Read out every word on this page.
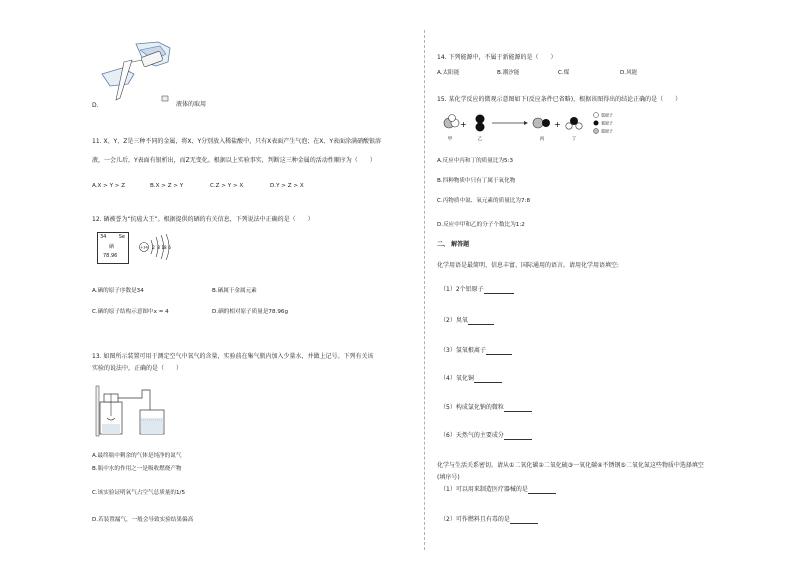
D.	液体的取用
11. X、Y、Z是三种不同的金属，将X、Y分别放入稀盐酸中，只有X表面产生气泡；在X、Y表面涂满硝酸银溶
液，一会儿后，Y表面有银析出，而Z无变化。根据以上实验事实，判断这三种金属的活动性顺序为（　　）
A.X > Y > Z	B.X > Z > Y	C.Z > Y > X	D.Y > Z > X
12. 硒被誉为“抗癌大王”。根据提供的硒的有关信息，下列说法中正确的是（　　）
34 Se
硒
78.96
+34 2 8 18 6
A.硒的原子序数是34	B.硒属于金属元素
C.硒的原子结构示意图中x = 4	D.硒的相对原子质量是78.96g
13. 如图所示装置可用于测定空气中氧气的含量，实验前在集气瓶内加入少量水，并做上记号。下列有关该
实验的说法中，正确的是（　　）
A.最终瓶中剩余的气体是纯净的氮气
B.瓶中水的作用之一是吸收燃烧产物
C.该实验证明氧气占空气总质量的1/5
D.若装置漏气，一般会导致实验结果偏高
14. 下列能源中，不属于新能源的是（　　）
A.太阳能	B.潮汐能	C.煤	D.风能
15. 某化学反应的微观示意图如下(反应条件已省略)，根据该图得出的结论正确的是（　　）
+	+
甲	乙	丙	丁
氢原子
氧原子
氮原子
A.反应中丙和丁的质量比为5:3
B.四种物质中只有丁属于氧化物
C.丙物质中氮、氧元素的质量比为7:8
D.反应中甲和乙的分子个数比为1:2
二、 解答题
化学用语是最简明、信息丰富、国际通用的语言。请用化学用语填空:
（1）2个铝原子
（2）臭氧
（3）氢氧根离子
（4）氧化铜
（5）构成氯化钠的微粒
（6）天然气的主要成分
化学与生活关系密切。请从①二氧化碳②二氧化硫③一氧化碳④不锈钢⑤二氧化氮这些物质中选择填空
(填序号)
（1）可以用来制造医疗器械的是
（2）可作燃料且有毒的是
